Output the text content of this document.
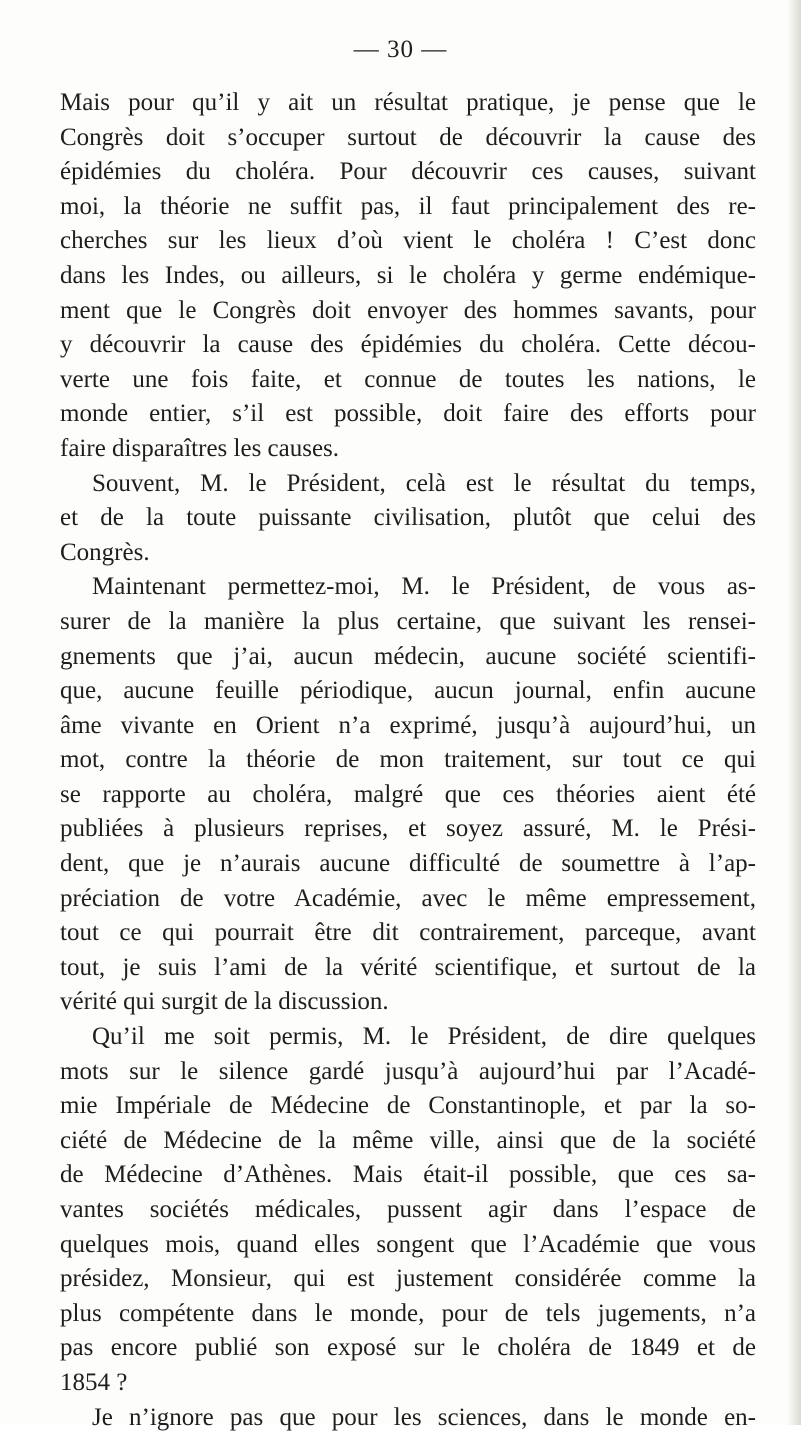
— 30 —
Mais pour qu’il y ait un résultat pratique, je pense que le
Congrès doit s’occuper surtout de découvrir la cause des
épidémies du choléra. Pour découvrir ces causes, suivant
moi, la théorie ne suffit pas, il faut principalement des re-
cherches sur les lieux d’où vient le choléra ! C’est donc
dans les Indes, ou ailleurs, si le choléra y germe endémique-
ment que le Congrès doit envoyer des hommes savants, pour
y découvrir la cause des épidémies du choléra. Cette décou-
verte une fois faite, et connue de toutes les nations, le
monde entier, s’il est possible, doit faire des efforts pour
faire disparaîtres les causes.
Souvent, M. le Président, celà est le résultat du temps,
et de la toute puissante civilisation, plutôt que celui des
Congrès.
Maintenant permettez-moi, M. le Président, de vous as-
surer de la manière la plus certaine, que suivant les rensei-
gnements que j’ai, aucun médecin, aucune société scientifi-
que, aucune feuille périodique, aucun journal, enfin aucune
âme vivante en Orient n’a exprimé, jusqu’à aujourd’hui, un
mot, contre la théorie de mon traitement, sur tout ce qui
se rapporte au choléra, malgré que ces théories aient été
publiées à plusieurs reprises, et soyez assuré, M. le Prési-
dent, que je n’aurais aucune difficulté de soumettre à l’ap-
préciation de votre Académie, avec le même empressement,
tout ce qui pourrait être dit contrairement, parceque, avant
tout, je suis l’ami de la vérité scientifique, et surtout de la
vérité qui surgit de la discussion.
Qu’il me soit permis, M. le Président, de dire quelques
mots sur le silence gardé jusqu’à aujourd’hui par l’Acadé-
mie Impériale de Médecine de Constantinople, et par la so-
ciété de Médecine de la même ville, ainsi que de la société
de Médecine d’Athènes. Mais était-il possible, que ces sa-
vantes sociétés médicales, pussent agir dans l’espace de
quelques mois, quand elles songent que l’Académie que vous
présidez, Monsieur, qui est justement considérée comme la
plus compétente dans le monde, pour de tels jugements, n’a
pas encore publié son exposé sur le choléra de 1849 et de
1854 ?
Je n’ignore pas que pour les sciences, dans le monde en-
